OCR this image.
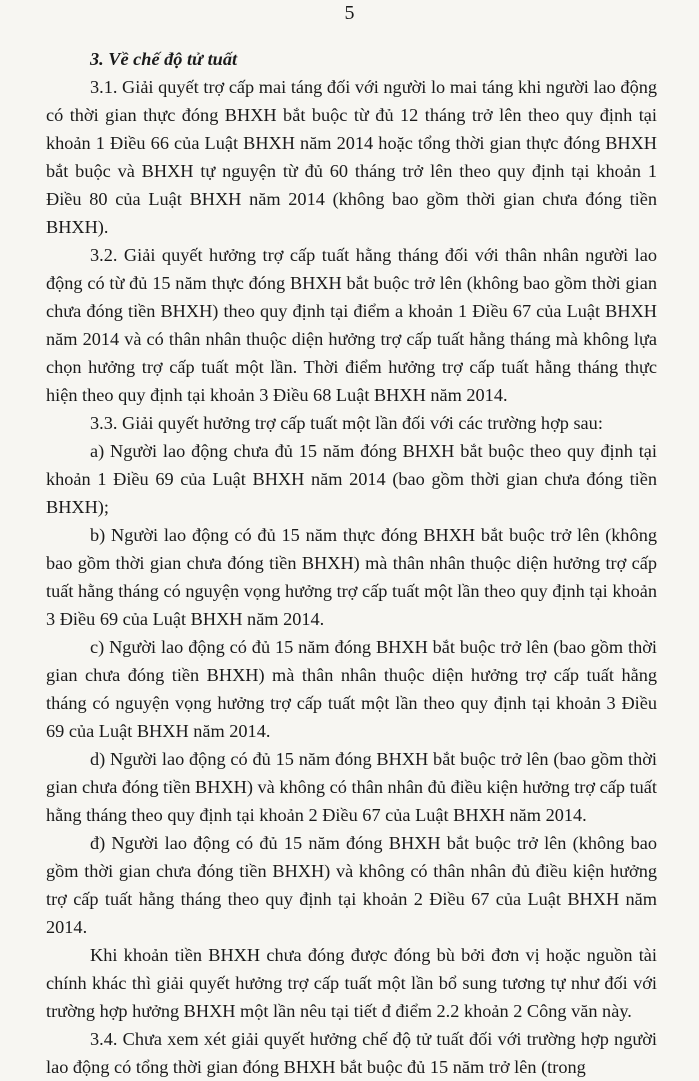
5

3. Về chế độ tử tuất

3.1. Giải quyết trợ cấp mai táng đối với người lo mai táng khi người lao động có thời gian thực đóng BHXH bắt buộc từ đủ 12 tháng trở lên theo quy định tại khoản 1 Điều 66 của Luật BHXH năm 2014 hoặc tổng thời gian thực đóng BHXH bắt buộc và BHXH tự nguyện từ đủ 60 tháng trở lên theo quy định tại khoản 1 Điều 80 của Luật BHXH năm 2014 (không bao gồm thời gian chưa đóng tiền BHXH).

3.2. Giải quyết hưởng trợ cấp tuất hằng tháng đối với thân nhân người lao động có từ đủ 15 năm thực đóng BHXH bắt buộc trở lên (không bao gồm thời gian chưa đóng tiền BHXH) theo quy định tại điểm a khoản 1 Điều 67 của Luật BHXH năm 2014 và có thân nhân thuộc diện hưởng trợ cấp tuất hằng tháng mà không lựa chọn hưởng trợ cấp tuất một lần. Thời điểm hưởng trợ cấp tuất hằng tháng thực hiện theo quy định tại khoản 3 Điều 68 Luật BHXH năm 2014.

3.3. Giải quyết hưởng trợ cấp tuất một lần đối với các trường hợp sau:

a) Người lao động chưa đủ 15 năm đóng BHXH bắt buộc theo quy định tại khoản 1 Điều 69 của Luật BHXH năm 2014 (bao gồm thời gian chưa đóng tiền BHXH);

b) Người lao động có đủ 15 năm thực đóng BHXH bắt buộc trở lên (không bao gồm thời gian chưa đóng tiền BHXH) mà thân nhân thuộc diện hưởng trợ cấp tuất hằng tháng có nguyện vọng hưởng trợ cấp tuất một lần theo quy định tại khoản 3 Điều 69 của Luật BHXH năm 2014.

c) Người lao động có đủ 15 năm đóng BHXH bắt buộc trở lên (bao gồm thời gian chưa đóng tiền BHXH) mà thân nhân thuộc diện hưởng trợ cấp tuất hằng tháng có nguyện vọng hưởng trợ cấp tuất một lần theo quy định tại khoản 3 Điều 69 của Luật BHXH năm 2014.

d) Người lao động có đủ 15 năm đóng BHXH bắt buộc trở lên (bao gồm thời gian chưa đóng tiền BHXH) và không có thân nhân đủ điều kiện hưởng trợ cấp tuất hằng tháng theo quy định tại khoản 2 Điều 67 của Luật BHXH năm 2014.

đ) Người lao động có đủ 15 năm đóng BHXH bắt buộc trở lên (không bao gồm thời gian chưa đóng tiền BHXH) và không có thân nhân đủ điều kiện hưởng trợ cấp tuất hằng tháng theo quy định tại khoản 2 Điều 67 của Luật BHXH năm 2014.

Khi khoản tiền BHXH chưa đóng được đóng bù bởi đơn vị hoặc nguồn tài chính khác thì giải quyết hưởng trợ cấp tuất một lần bổ sung tương tự như đối với trường hợp hưởng BHXH một lần nêu tại tiết đ điểm 2.2 khoản 2 Công văn này.

3.4. Chưa xem xét giải quyết hưởng chế độ tử tuất đối với trường hợp người lao động có tổng thời gian đóng BHXH bắt buộc đủ 15 năm trở lên (trong
